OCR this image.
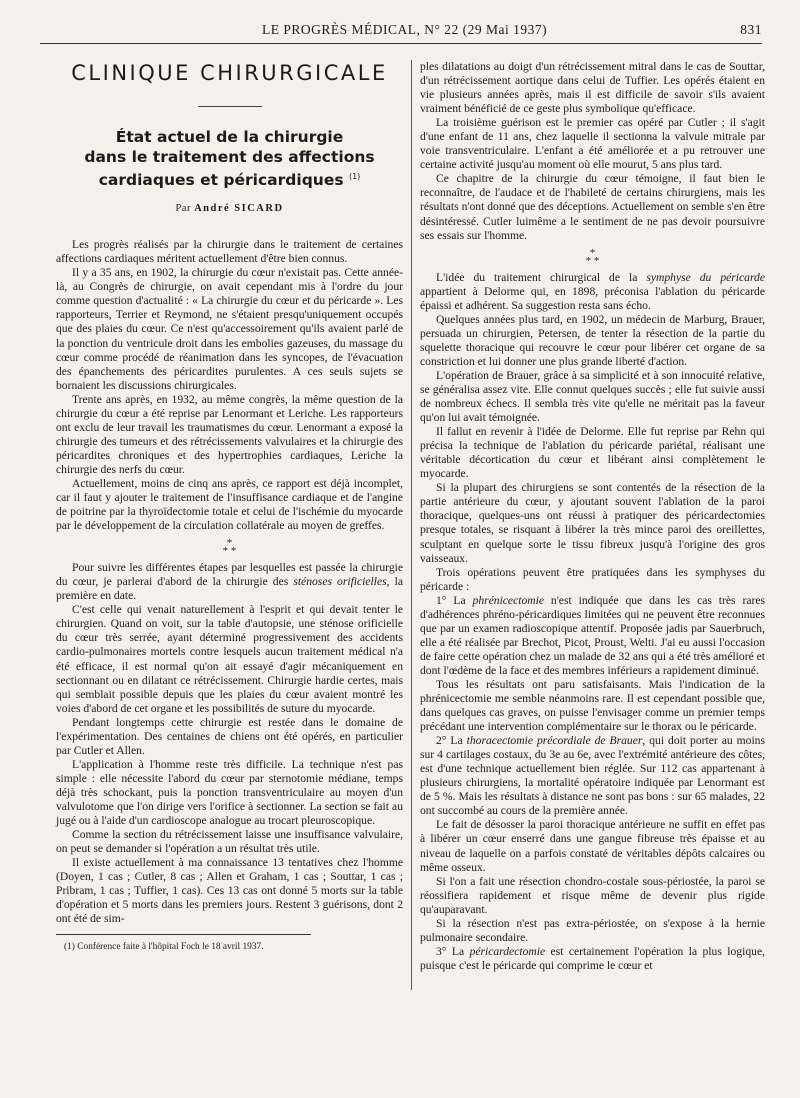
LE PROGRÈS MÉDICAL, N° 22 (29 Mai 1937)	831
CLINIQUE CHIRURGICALE
État actuel de la chirurgie
dans le traitement des affections
cardiaques et péricardiques $^{(1)}$
Par André SICARD

Les progrès réalisés par la chirurgie dans le traitement de certaines affections cardiaques méritent actuellement d'être bien connus.

Il y a 35 ans, en 1902, la chirurgie du cœur n'existait pas. Cette année-là, au Congrès de chirurgie, on avait cependant mis à l'ordre du jour comme question d'actualité : « La chirurgie du cœur et du péricarde ». Les rapporteurs, Terrier et Reymond, ne s'étaient presqu'uniquement occupés que des plaies du cœur. Ce n'est qu'accessoirement qu'ils avaient parlé de la ponction du ventricule droit dans les embolies gazeuses, du massage du cœur comme procédé de réanimation dans les syncopes, de l'évacuation des épanchements des péricardites purulentes. A ces seuls sujets se bornaient les discussions chirurgicales.

Trente ans après, en 1932, au même congrès, la même question de la chirurgie du cœur a été reprise par Lenormant et Leriche. Les rapporteurs ont exclu de leur travail les traumatismes du cœur. Lenormant a exposé la chirurgie des tumeurs et des rétrécissements valvulaires et la chirurgie des péricardites chroniques et des hypertrophies cardiaques, Leriche la chirurgie des nerfs du cœur.

Actuellement, moins de cinq ans après, ce rapport est déjà incomplet, car il faut y ajouter le traitement de l'insuffisance cardiaque et de l'angine de poitrine par la thyroïdectomie totale et celui de l'ischémie du myocarde par le développement de la circulation collatérale au moyen de greffes.

*
* *

Pour suivre les différentes étapes par lesquelles est passée la chirurgie du cœur, je parlerai d'abord de la chirurgie des sténoses orificielles, la première en date.

C'est celle qui venait naturellement à l'esprit et qui devait tenter le chirurgien. Quand on voit, sur la table d'autopsie, une sténose orificielle du cœur très serrée, ayant déterminé progressivement des accidents cardio-pulmonaires mortels contre lesquels aucun traitement médical n'a été efficace, il est normal qu'on ait essayé d'agir mécaniquement en sectionnant ou en dilatant ce rétrécissement. Chirurgie hardie certes, mais qui semblait possible depuis que les plaies du cœur avaient montré les voies d'abord de cet organe et les possibilités de suture du myocarde.

Pendant longtemps cette chirurgie est restée dans le domaine de l'expérimentation. Des centaines de chiens ont été opérés, en particulier par Cutler et Allen.

L'application à l'homme reste très difficile. La technique n'est pas simple : elle nécessite l'abord du cœur par sternotomie médiane, temps déjà très schockant, puis la ponction transventriculaire au moyen d'un valvulotome que l'on dirige vers l'orifice à sectionner. La section se fait au jugé ou à l'aide d'un cardioscope analogue au trocart pleuroscopique.

Comme la section du rétrécissement laisse une insuffisance valvulaire, on peut se demander si l'opération a un résultat très utile.

Il existe actuellement à ma connaissance 13 tentatives chez l'homme (Doyen, 1 cas ; Cutler, 8 cas ; Allen et Graham, 1 cas ; Souttar, 1 cas ; Pribram, 1 cas ; Tuffier, 1 cas). Ces 13 cas ont donné 5 morts sur la table d'opération et 5 morts dans les premiers jours. Restent 3 guérisons, dont 2 ont été de sim-

(1) Conférence faite à l'hôpital Foch le 18 avril 1937.

ples dilatations au doigt d'un rétrécissement mitral dans le cas de Souttar, d'un rétrécissement aortique dans celui de Tuffier. Les opérés étaient en vie plusieurs années après, mais il est difficile de savoir s'ils avaient vraiment bénéficié de ce geste plus symbolique qu'efficace.

La troisième guérison est le premier cas opéré par Cutler ; il s'agit d'une enfant de 11 ans, chez laquelle il sectionna la valvule mitrale par voie transventriculaire. L'enfant a été améliorée et a pu retrouver une certaine activité jusqu'au moment où elle mourut, 5 ans plus tard.

Ce chapitre de la chirurgie du cœur témoigne, il faut bien le reconnaître, de l'audace et de l'habileté de certains chirurgiens, mais les résultats n'ont donné que des déceptions. Actuellement on semble s'en être désintéressé. Cutler luimême a le sentiment de ne pas devoir poursuivre ses essais sur l'homme.

*
* *

L'idée du traitement chirurgical de la symphyse du péricarde appartient à Delorme qui, en 1898, préconisa l'ablation du péricarde épaissi et adhérent. Sa suggestion resta sans écho.

Quelques années plus tard, en 1902, un médecin de Marburg, Brauer, persuada un chirurgien, Petersen, de tenter la résection de la partie du squelette thoracique qui recouvre le cœur pour libérer cet organe de sa constriction et lui donner une plus grande liberté d'action.

L'opération de Brauer, grâce à sa simplicité et à son innocuité relative, se généralisa assez vite. Elle connut quelques succès ; elle fut suivie aussi de nombreux échecs. Il sembla très vite qu'elle ne méritait pas la faveur qu'on lui avait témoignée.

Il fallut en revenir à l'idée de Delorme. Elle fut reprise par Rehn qui précisa la technique de l'ablation du péricarde pariétal, réalisant une véritable décortication du cœur et libérant ainsi complètement le myocarde.

Si la plupart des chirurgiens se sont contentés de la résection de la partie antérieure du cœur, y ajoutant souvent l'ablation de la paroi thoracique, quelques-uns ont réussi à pratiquer des péricardectomies presque totales, se risquant à libérer la très mince paroi des oreillettes, sculptant en quelque sorte le tissu fibreux jusqu'à l'origine des gros vaisseaux.

Trois opérations peuvent être pratiquées dans les symphyses du péricarde :

1° La phrénicectomie n'est indiquée que dans les cas très rares d'adhérences phréno-péricardiques limitées qui ne peuvent être reconnues que par un examen radioscopique attentif. Proposée jadis par Sauerbruch, elle a été réalisée par Brechot, Picot, Proust, Welti. J'ai eu aussi l'occasion de faire cette opération chez un malade de 32 ans qui a été très amélioré et dont l'œdème de la face et des membres inférieurs a rapidement diminué.

Tous les résultats ont paru satisfaisants. Mais l'indication de la phrénicectomie me semble néanmoins rare. Il est cependant possible que, dans quelques cas graves, on puisse l'envisager comme un premier temps précédant une intervention complémentaire sur le thorax ou le péricarde.

2° La thoracectomie précordiale de Brauer, qui doit porter au moins sur 4 cartilages costaux, du 3e au 6e, avec l'extrémité antérieure des côtes, est d'une technique actuellement bien réglée. Sur 112 cas appartenant à plusieurs chirurgiens, la mortalité opératoire indiquée par Lenormant est de 5 %. Mais les résultats à distance ne sont pas bons : sur 65 malades, 22 ont succombé au cours de la première année.

Le fait de désosser la paroi thoracique antérieure ne suffit en effet pas à libérer un cœur enserré dans une gangue fibreuse très épaisse et au niveau de laquelle on a parfois constaté de véritables dépôts calcaires ou même osseux.

Si l'on a fait une résection chondro-costale sous-périostée, la paroi se réossifiera rapidement et risque même de devenir plus rigide qu'auparavant.

Si la résection n'est pas extra-périostée, on s'expose à la hernie pulmonaire secondaire.

3° La péricardectomie est certainement l'opération la plus logique, puisque c'est le péricarde qui comprime le cœur et
